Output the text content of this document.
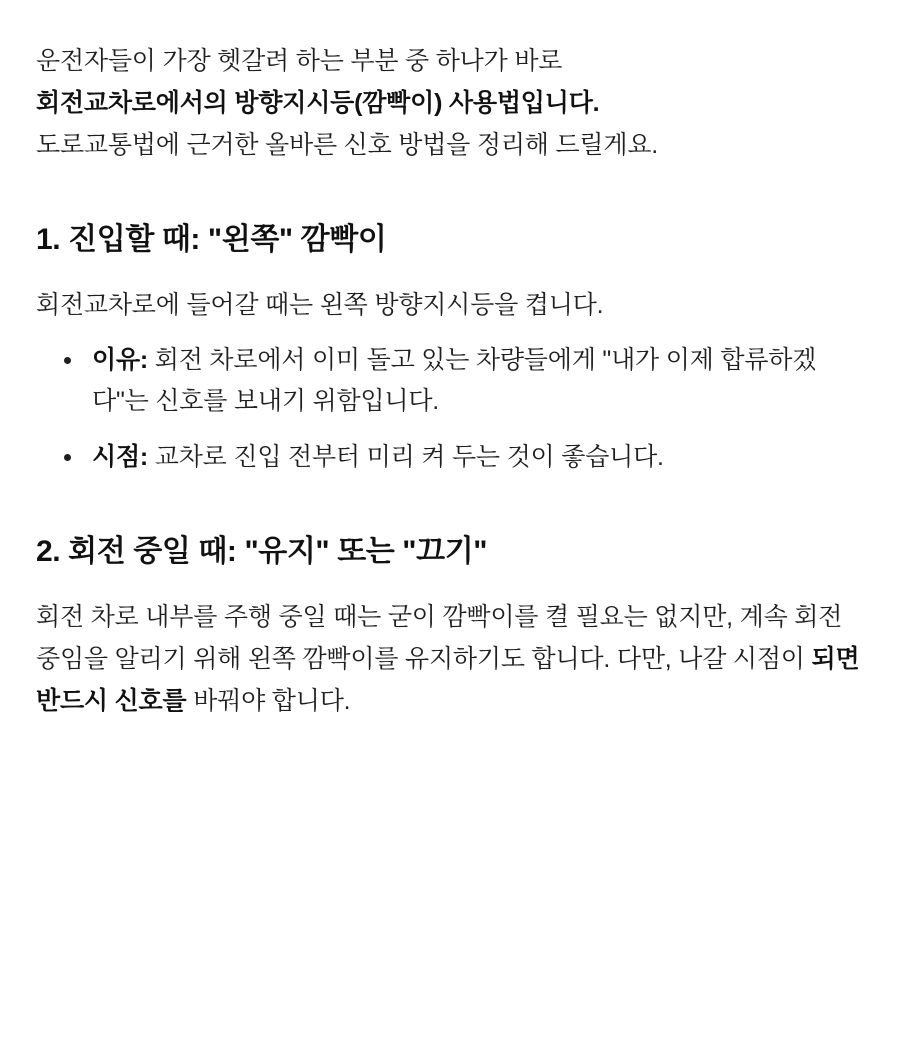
운전자들이 가장 헷갈려 하는 부분 중 하나가 바로
회전교차로에서의 방향지시등(깜빡이) 사용법입니다.
도로교통법에 근거한 올바른 신호 방법을 정리해 드릴게요.
1. 진입할 때: "왼쪽" 깜빡이

회전교차로에 들어갈 때는 왼쪽 방향지시등을 켭니다.

이유: 회전 차로에서 이미 돌고 있는 차량들에게 "내가 이제 합류하겠다"는 신호를 보내기 위함입니다.
시점: 교차로 진입 전부터 미리 켜 두는 것이 좋습니다.
2. 회전 중일 때: "유지" 또는 "끄기"

회전 차로 내부를 주행 중일 때는 굳이 깜빡이를 켤 필요는 없지만, 계속 회전 중임을 알리기 위해 왼쪽 깜빡이를 유지하기도 합니다. 다만, 나갈 시점이 되면 반드시 신호를 바꿔야 합니다.
